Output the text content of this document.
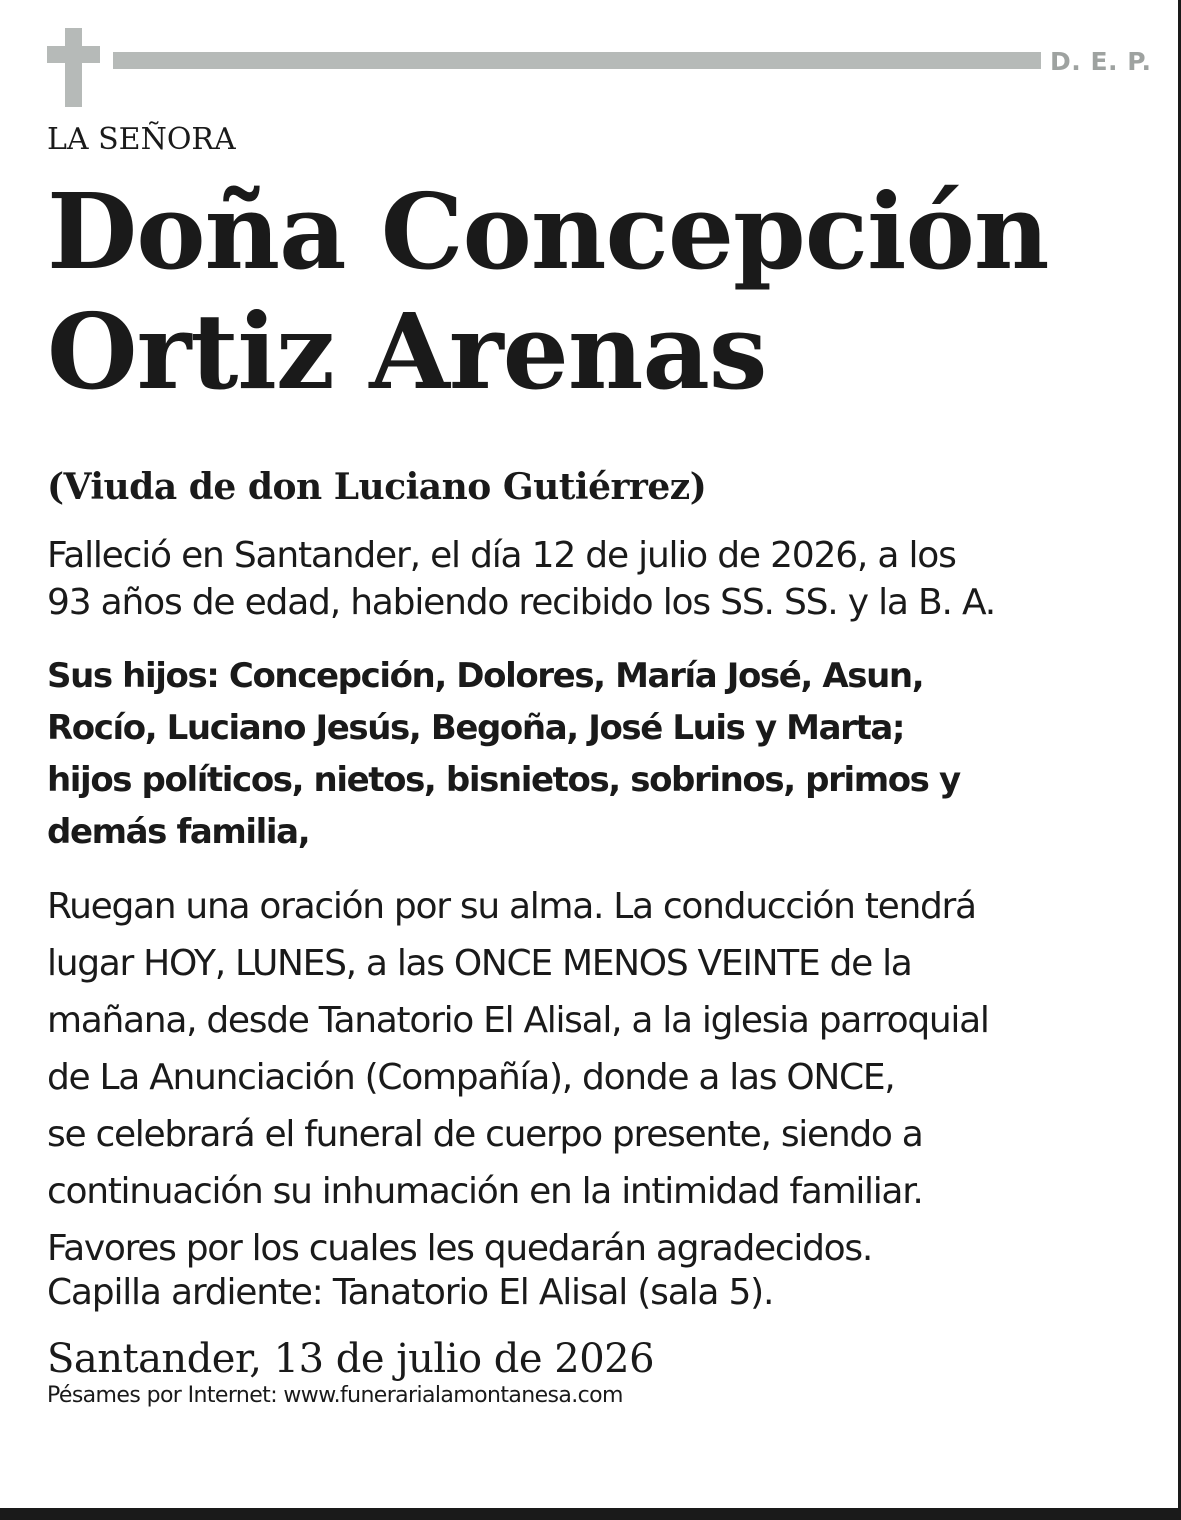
D. E. P.
LA SEÑORA
Doña Concepción
Ortiz Arenas
(Viuda de don Luciano Gutiérrez)
Falleció en Santander, el día 12 de julio de 2026, a los
93 años de edad, habiendo recibido los SS. SS. y la B. A.
Sus hijos: Concepción, Dolores, María José, Asun,
Rocío, Luciano Jesús, Begoña, José Luis y Marta;
hijos políticos, nietos, bisnietos, sobrinos, primos y
demás familia,
Ruegan una oración por su alma. La conducción tendrá
lugar HOY, LUNES, a las ONCE MENOS VEINTE de la
mañana, desde Tanatorio El Alisal, a la iglesia parroquial
de La Anunciación (Compañía), donde a las ONCE,
se celebrará el funeral de cuerpo presente, siendo a
continuación su inhumación en la intimidad familiar.
Favores por los cuales les quedarán agradecidos.
Capilla ardiente: Tanatorio El Alisal (sala 5).
Santander, 13 de julio de 2026
Pésames por Internet: www.funerarialamontanesa.com
